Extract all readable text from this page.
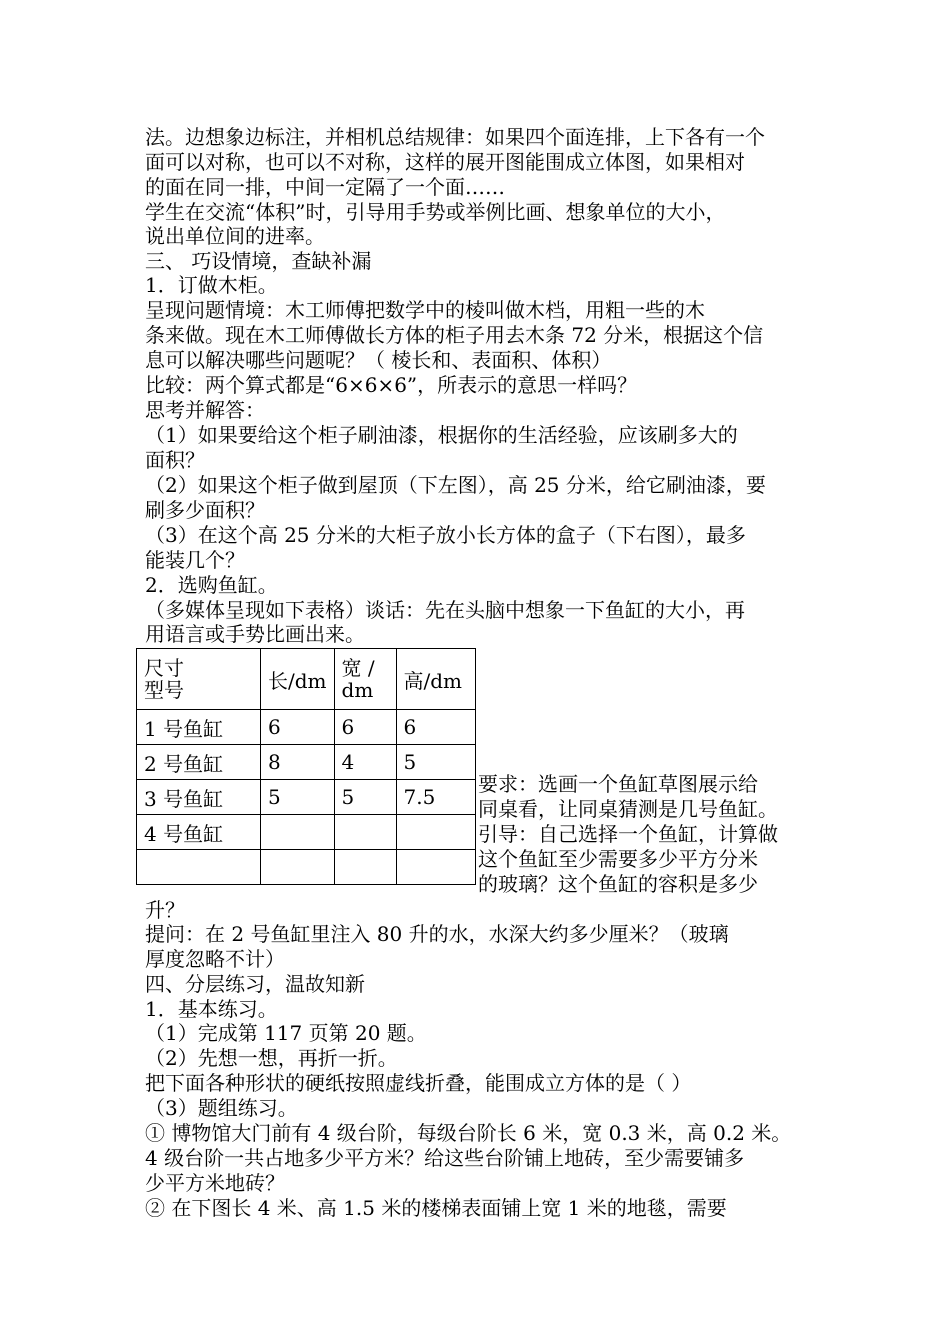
法。边想象边标注，并相机总结规律：如果四个面连排，上下各有一个
面可以对称，也可以不对称，这样的展开图能围成立体图，如果相对
的面在同一排，中间一定隔了一个面……
学生在交流“体积”时，引导用手势或举例比画、想象单位的大小，
说出单位间的进率。
三、 巧设情境，查缺补漏
1．订做木柜。
呈现问题情境：木工师傅把数学中的棱叫做木档，用粗一些的木
条来做。现在木工师傅做长方体的柜子用去木条 72 分米，根据这个信
息可以解决哪些问题呢？（ 棱长和、表面积、体积）
比较：两个算式都是“6×6×6”，所表示的意思一样吗？
思考并解答：
（1）如果要给这个柜子刷油漆，根据你的生活经验，应该刷多大的
面积？
（2）如果这个柜子做到屋顶（下左图），高 25 分米，给它刷油漆，要
刷多少面积？
（3）在这个高 25 分米的大柜子放小长方体的盒子（下右图），最多
能装几个？
2．选购鱼缸。
（多媒体呈现如下表格）谈话：先在头脑中想象一下鱼缸的大小，再
用语言或手势比画出来。
尺寸
型号	长/dm	宽 /
dm	高/dm
1 号鱼缸	6	6	6
2 号鱼缸	8	4	5
3 号鱼缸	5	5	7.5
4 号鱼缸			

要求：选画一个鱼缸草图展示给
同桌看，让同桌猜测是几号鱼缸。
引导：自己选择一个鱼缸，计算做
这个鱼缸至少需要多少平方分米
的玻璃？这个鱼缸的容积是多少
升？
提问：在 2 号鱼缸里注入 80 升的水，水深大约多少厘米？（玻璃
厚度忽略不计）
四、分层练习，温故知新
1．基本练习。
（1）完成第 117 页第 20 题。
（2）先想一想，再折一折。
把下面各种形状的硬纸按照虚线折叠，能围成立方体的是（ ）
（3）题组练习。
① 博物馆大门前有 4 级台阶，每级台阶长 6 米，宽 0.3 米，高 0.2 米。
4 级台阶一共占地多少平方米？给这些台阶铺上地砖，至少需要铺多
少平方米地砖？
② 在下图长 4 米、高 1.5 米的楼梯表面铺上宽 1 米的地毯，需要
